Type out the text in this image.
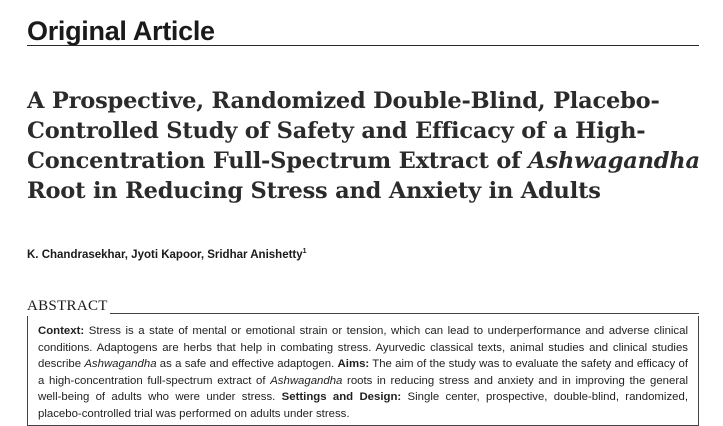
Original Article
A Prospective, Randomized Double-Blind, Placebo-Controlled Study of Safety and Efficacy of a High-Concentration Full-Spectrum Extract of Ashwagandha Root in Reducing Stress and Anxiety in Adults
K. Chandrasekhar, Jyoti Kapoor, Sridhar Anishetty$^1$
ABSTRACT

Context: Stress is a state of mental or emotional strain or tension, which can lead to underperformance and adverse clinical conditions. Adaptogens are herbs that help in combating stress. Ayurvedic classical texts, animal studies and clinical studies describe Ashwagandha as a safe and effective adaptogen. Aims: The aim of the study was to evaluate the safety and efficacy of a high-concentration full-spectrum extract of Ashwagandha roots in reducing stress and anxiety and in improving the general well-being of adults who were under stress. Settings and Design: Single center, prospective, double-blind, randomized, placebo-controlled trial was performed on adults under stress.
